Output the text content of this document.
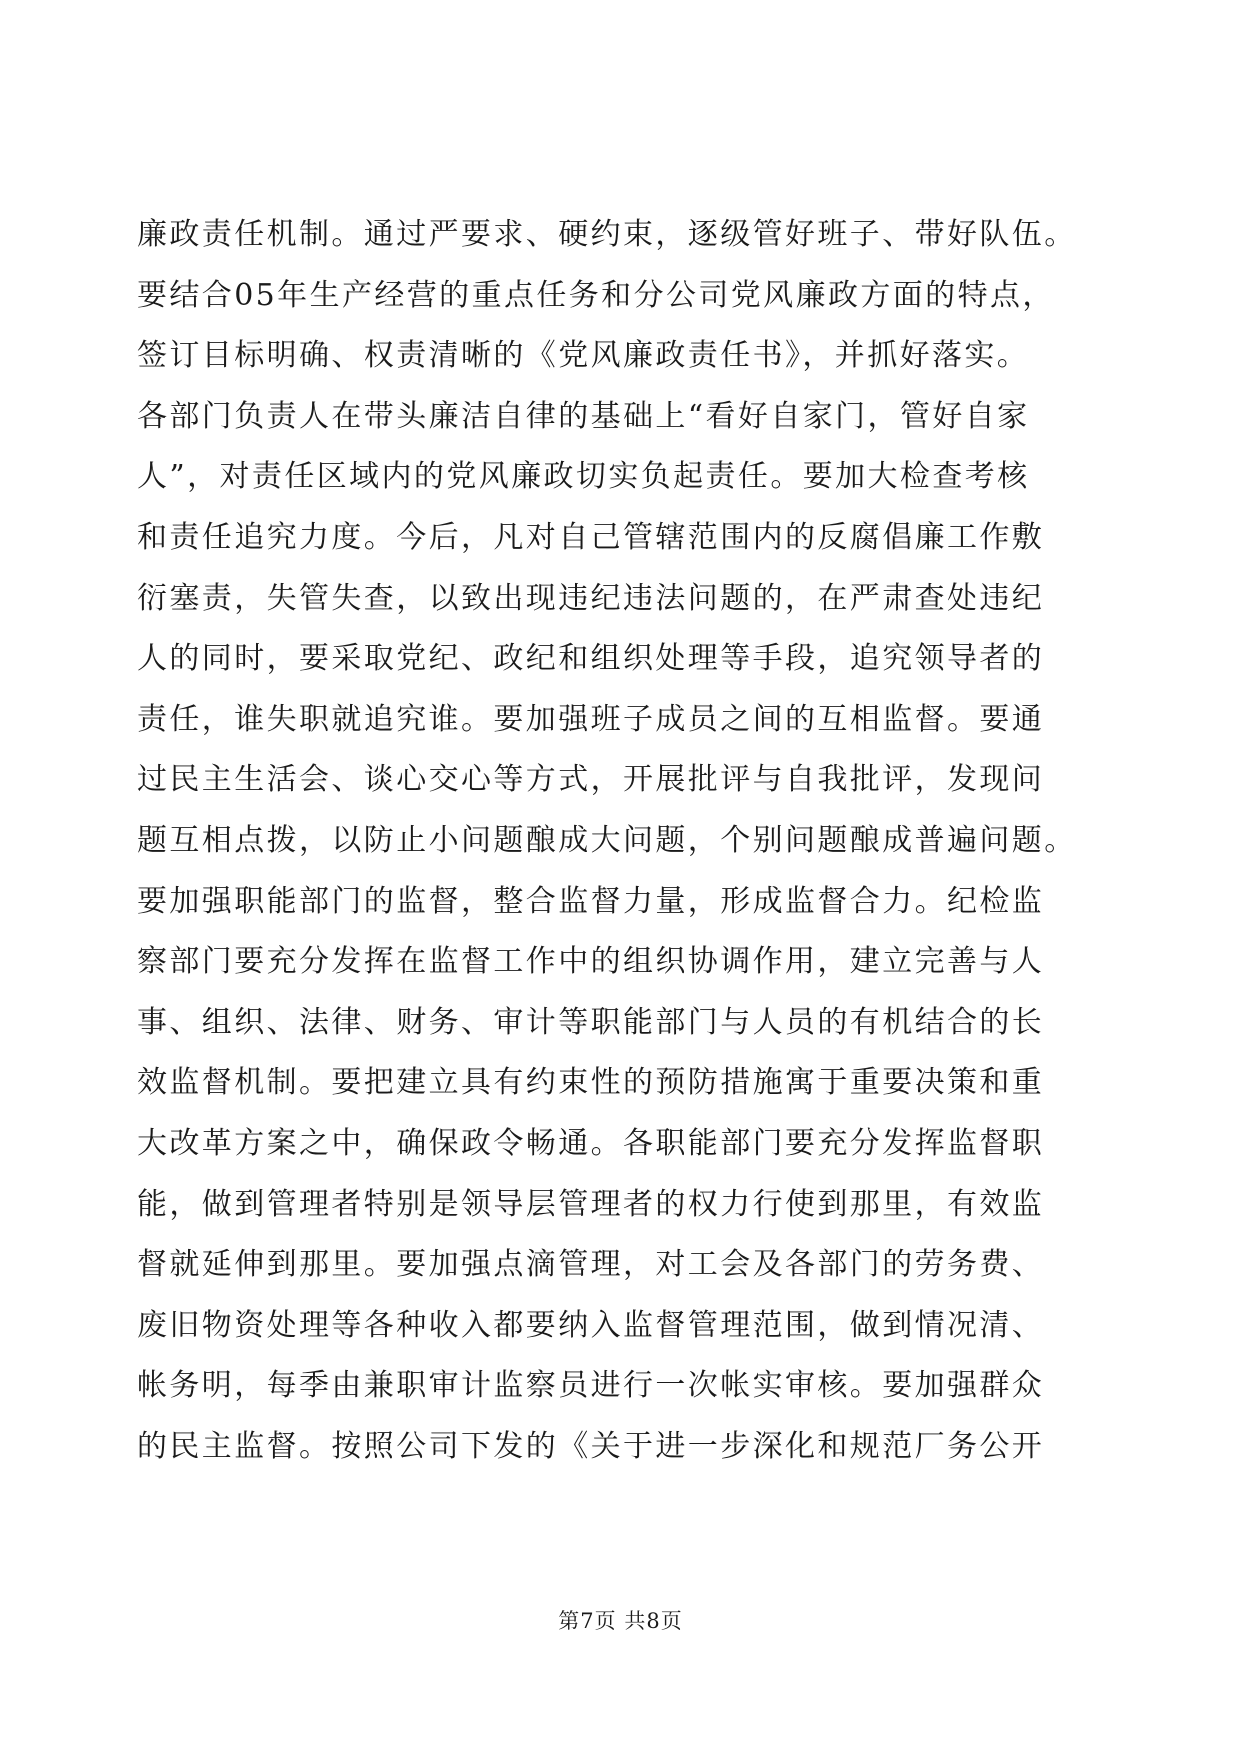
廉政责任机制。通过严要求、硬约束，逐级管好班子、带好队伍。
要结合05年生产经营的重点任务和分公司党风廉政方面的特点，
签订目标明确、权责清晰的《党风廉政责任书》，并抓好落实。
各部门负责人在带头廉洁自律的基础上“看好自家门，管好自家
人”，对责任区域内的党风廉政切实负起责任。要加大检查考核
和责任追究力度。今后，凡对自己管辖范围内的反腐倡廉工作敷
衍塞责，失管失查，以致出现违纪违法问题的，在严肃查处违纪
人的同时，要采取党纪、政纪和组织处理等手段，追究领导者的
责任，谁失职就追究谁。要加强班子成员之间的互相监督。要通
过民主生活会、谈心交心等方式，开展批评与自我批评，发现问
题互相点拨，以防止小问题酿成大问题，个别问题酿成普遍问题。
要加强职能部门的监督，整合监督力量，形成监督合力。纪检监
察部门要充分发挥在监督工作中的组织协调作用，建立完善与人
事、组织、法律、财务、审计等职能部门与人员的有机结合的长
效监督机制。要把建立具有约束性的预防措施寓于重要决策和重
大改革方案之中，确保政令畅通。各职能部门要充分发挥监督职
能，做到管理者特别是领导层管理者的权力行使到那里，有效监
督就延伸到那里。要加强点滴管理，对工会及各部门的劳务费、
废旧物资处理等各种收入都要纳入监督管理范围，做到情况清、
帐务明，每季由兼职审计监察员进行一次帐实审核。要加强群众
的民主监督。按照公司下发的《关于进一步深化和规范厂务公开
第7页 共8页
